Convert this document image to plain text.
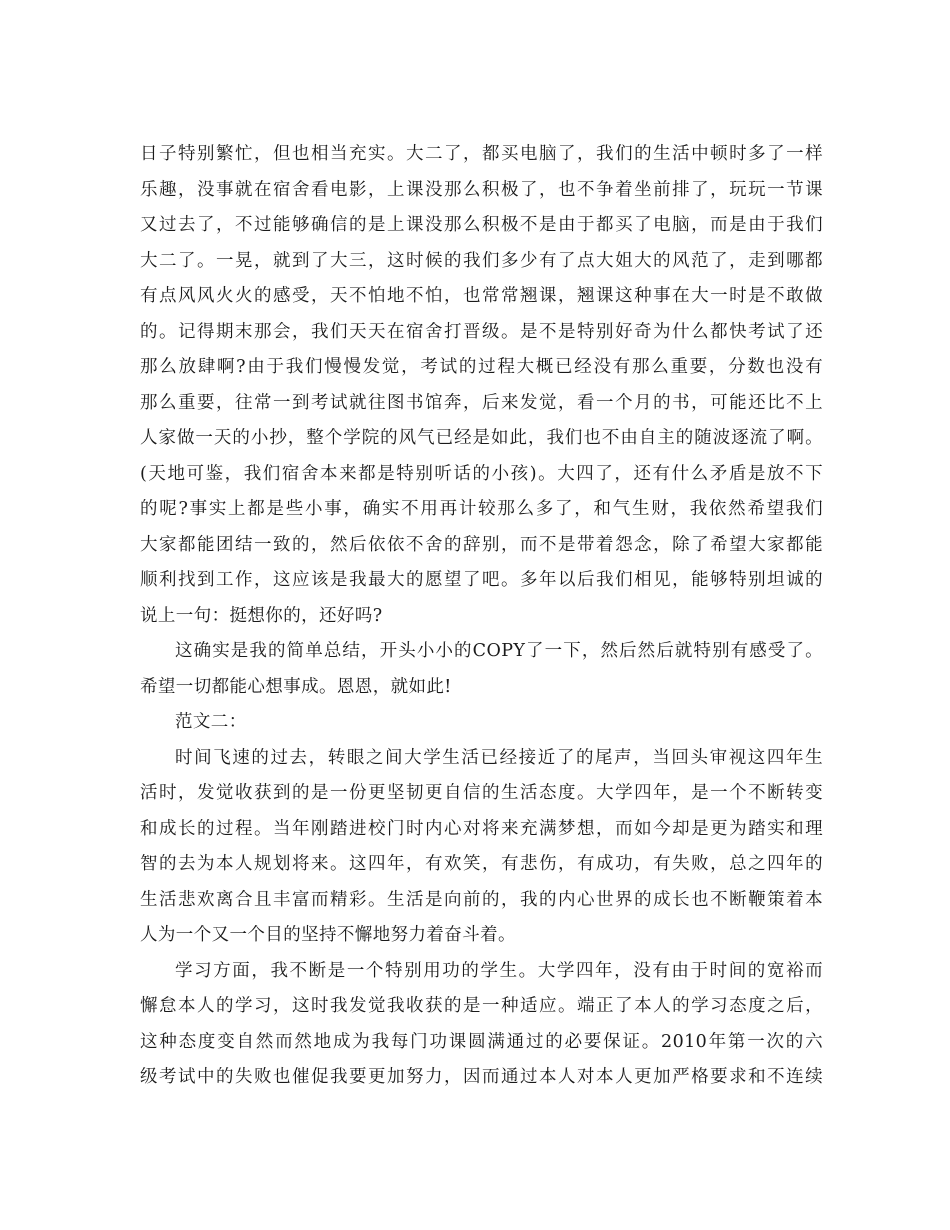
日子特别繁忙，但也相当充实。大二了，都买电脑了，我们的生活中顿时多了一样
乐趣，没事就在宿舍看电影，上课没那么积极了，也不争着坐前排了，玩玩一节课
又过去了，不过能够确信的是上课没那么积极不是由于都买了电脑，而是由于我们
大二了。一晃，就到了大三，这时候的我们多少有了点大姐大的风范了，走到哪都
有点风风火火的感受，天不怕地不怕，也常常翘课，翘课这种事在大一时是不敢做
的。记得期末那会，我们天天在宿舍打晋级。是不是特别好奇为什么都快考试了还
那么放肆啊?由于我们慢慢发觉，考试的过程大概已经没有那么重要，分数也没有
那么重要，往常一到考试就往图书馆奔，后来发觉，看一个月的书，可能还比不上
人家做一天的小抄，整个学院的风气已经是如此，我们也不由自主的随波逐流了啊。
(天地可鉴，我们宿舍本来都是特别听话的小孩)。大四了，还有什么矛盾是放不下
的呢?事实上都是些小事，确实不用再计较那么多了，和气生财，我依然希望我们
大家都能团结一致的，然后依依不舍的辞别，而不是带着怨念，除了希望大家都能
顺利找到工作，这应该是我最大的愿望了吧。多年以后我们相见，能够特别坦诚的
说上一句：挺想你的，还好吗?
这确实是我的简单总结，开头小小的COPY了一下，然后然后就特别有感受了。
希望一切都能心想事成。恩恩，就如此!
范文二：
时间飞速的过去，转眼之间大学生活已经接近了的尾声，当回头审视这四年生
活时，发觉收获到的是一份更坚韧更自信的生活态度。大学四年，是一个不断转变
和成长的过程。当年刚踏进校门时内心对将来充满梦想，而如今却是更为踏实和理
智的去为本人规划将来。这四年，有欢笑，有悲伤，有成功，有失败，总之四年的
生活悲欢离合且丰富而精彩。生活是向前的，我的内心世界的成长也不断鞭策着本
人为一个又一个目的坚持不懈地努力着奋斗着。
学习方面，我不断是一个特别用功的学生。大学四年，没有由于时间的宽裕而
懈怠本人的学习，这时我发觉我收获的是一种适应。端正了本人的学习态度之后，
这种态度变自然而然地成为我每门功课圆满通过的必要保证。2010年第一次的六
级考试中的失败也催促我要更加努力，因而通过本人对本人更加严格要求和不连续
